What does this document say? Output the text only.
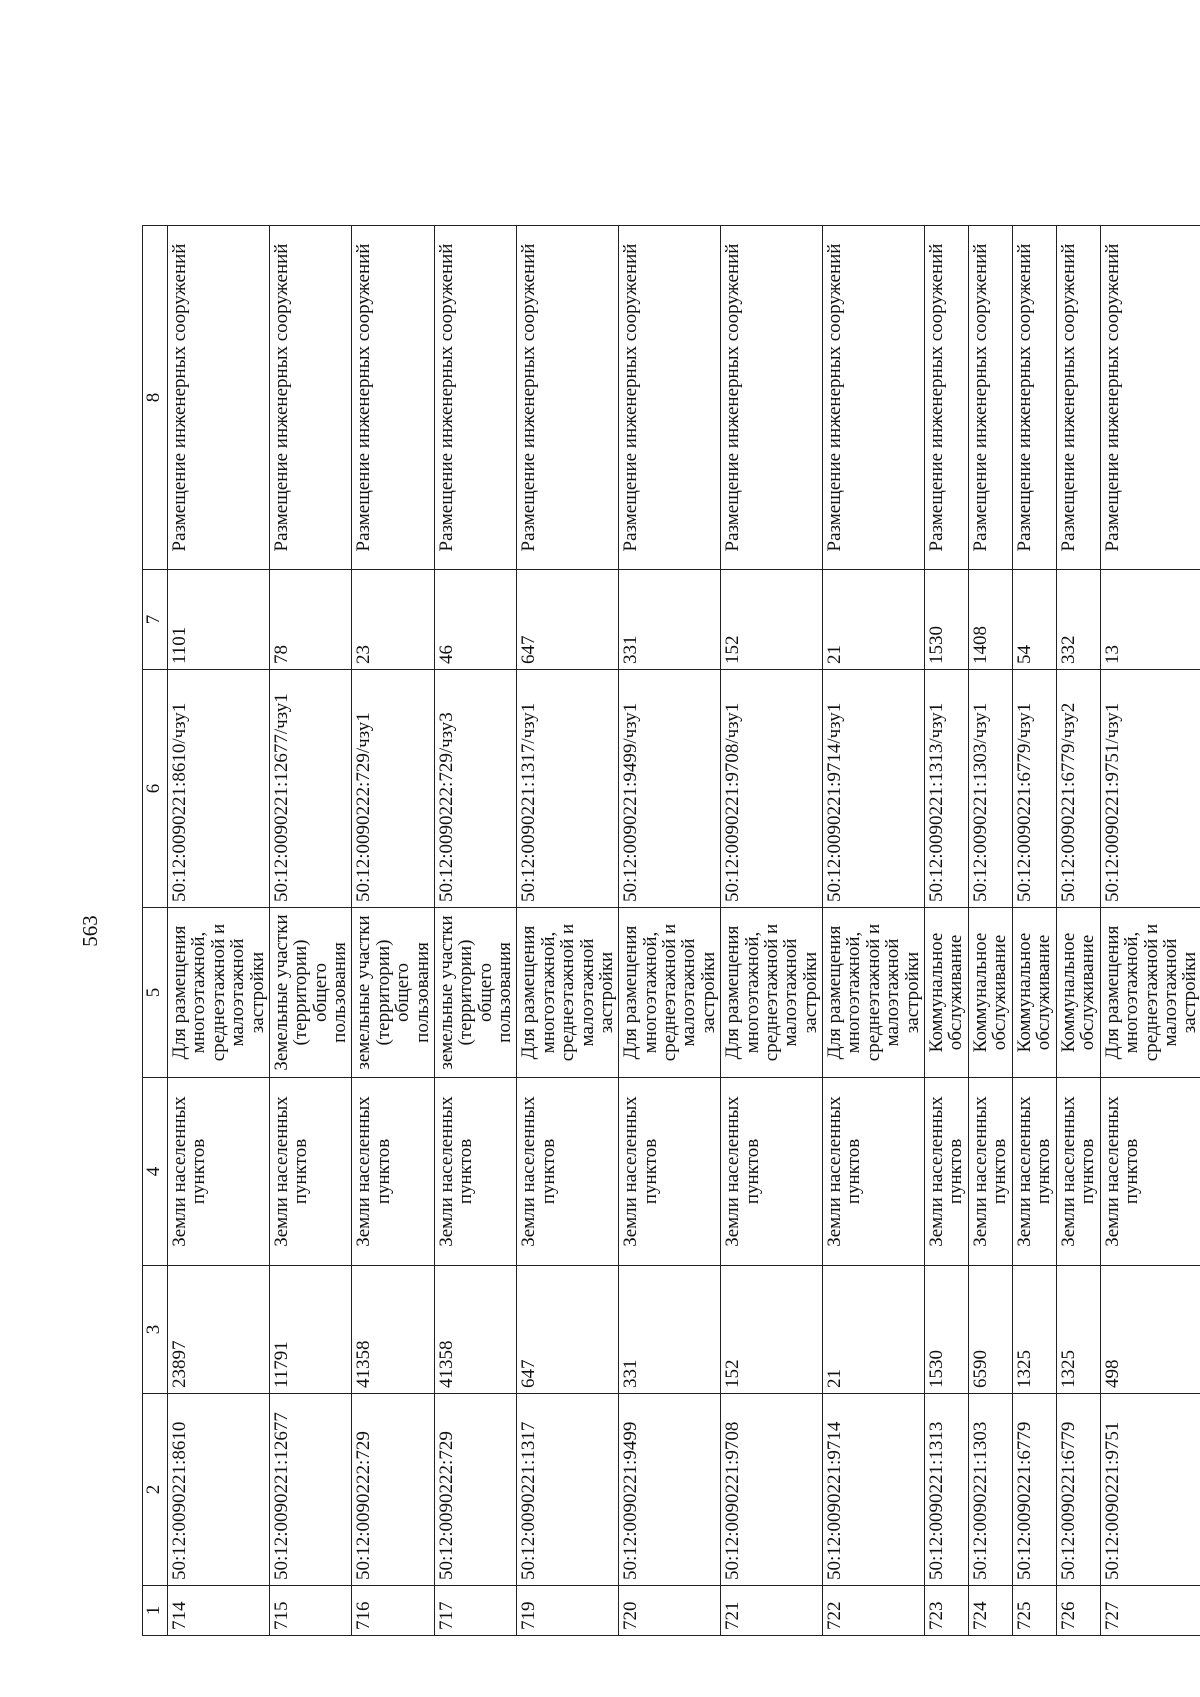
563
1	2	3	4	5	6	7	8
714	50:12:0090221:8610	23897	Земли населенных пунктов	Для размещения многоэтажной, среднеэтажной и малоэтажной застройки	50:12:0090221:8610/чзу1	1101	Размещение инженерных сооружений
715	50:12:0090221:12677	11791	Земли населенных пунктов	Земельные участки (территории) общего пользования	50:12:0090221:12677/чзу1	78	Размещение инженерных сооружений
716	50:12:0090222:729	41358	Земли населенных пунктов	земельные участки (территории) общего пользования	50:12:0090222:729/чзу1	23	Размещение инженерных сооружений
717	50:12:0090222:729	41358	Земли населенных пунктов	земельные участки (территории) общего пользования	50:12:0090222:729/чзу3	46	Размещение инженерных сооружений
719	50:12:0090221:1317	647	Земли населенных пунктов	Для размещения многоэтажной, среднеэтажной и малоэтажной застройки	50:12:0090221:1317/чзу1	647	Размещение инженерных сооружений
720	50:12:0090221:9499	331	Земли населенных пунктов	Для размещения многоэтажной, среднеэтажной и малоэтажной застройки	50:12:0090221:9499/чзу1	331	Размещение инженерных сооружений
721	50:12:0090221:9708	152	Земли населенных пунктов	Для размещения многоэтажной, среднеэтажной и малоэтажной застройки	50:12:0090221:9708/чзу1	152	Размещение инженерных сооружений
722	50:12:0090221:9714	21	Земли населенных пунктов	Для размещения многоэтажной, среднеэтажной и малоэтажной застройки	50:12:0090221:9714/чзу1	21	Размещение инженерных сооружений
723	50:12:0090221:1313	1530	Земли населенных пунктов	Коммунальное обслуживание	50:12:0090221:1313/чзу1	1530	Размещение инженерных сооружений
724	50:12:0090221:1303	6590	Земли населенных пунктов	Коммунальное обслуживание	50:12:0090221:1303/чзу1	1408	Размещение инженерных сооружений
725	50:12:0090221:6779	1325	Земли населенных пунктов	Коммунальное обслуживание	50:12:0090221:6779/чзу1	54	Размещение инженерных сооружений
726	50:12:0090221:6779	1325	Земли населенных пунктов	Коммунальное обслуживание	50:12:0090221:6779/чзу2	332	Размещение инженерных сооружений
727	50:12:0090221:9751	498	Земли населенных пунктов	Для размещения многоэтажной, среднеэтажной и малоэтажной застройки	50:12:0090221:9751/чзу1	13	Размещение инженерных сооружений
